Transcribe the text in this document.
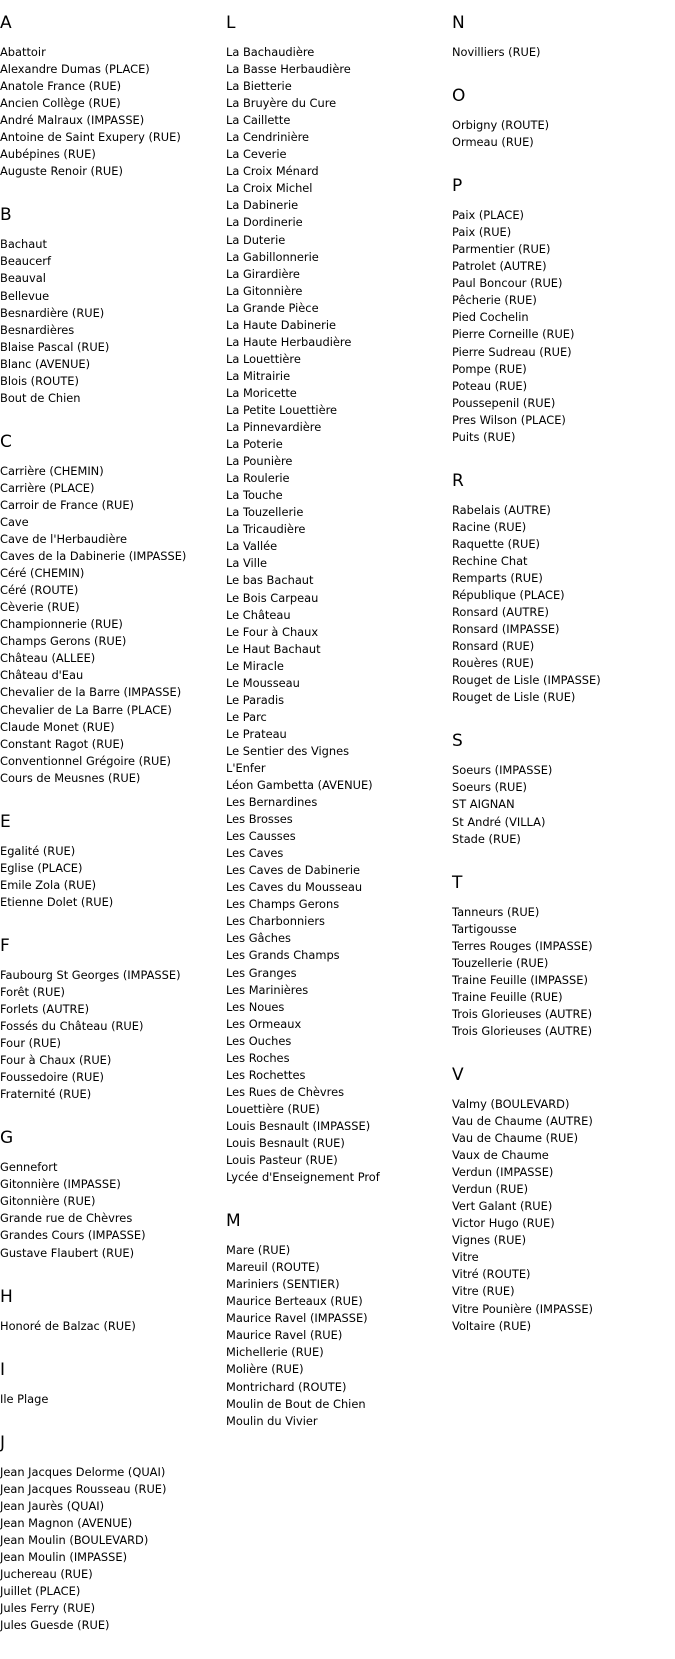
A
Abattoir
Alexandre Dumas (PLACE)
Anatole France (RUE)
Ancien Collège (RUE)
André Malraux (IMPASSE)
Antoine de Saint Exupery (RUE)
Aubépines (RUE)
Auguste Renoir (RUE)
B
Bachaut
Beaucerf
Beauval
Bellevue
Besnardière (RUE)
Besnardières
Blaise Pascal (RUE)
Blanc (AVENUE)
Blois (ROUTE)
Bout de Chien
C
Carrière (CHEMIN)
Carrière (PLACE)
Carroir de France (RUE)
Cave
Cave de l'Herbaudière
Caves de la Dabinerie (IMPASSE)
Céré (CHEMIN)
Céré (ROUTE)
Cèverie (RUE)
Championnerie (RUE)
Champs Gerons (RUE)
Château (ALLEE)
Château d'Eau
Chevalier de la Barre (IMPASSE)
Chevalier de La Barre (PLACE)
Claude Monet (RUE)
Constant Ragot (RUE)
Conventionnel Grégoire (RUE)
Cours de Meusnes (RUE)
E
Egalité (RUE)
Eglise (PLACE)
Emile Zola (RUE)
Etienne Dolet (RUE)
F
Faubourg St Georges (IMPASSE)
Forêt (RUE)
Forlets (AUTRE)
Fossés du Château (RUE)
Four (RUE)
Four à Chaux (RUE)
Foussedoire (RUE)
Fraternité (RUE)
G
Gennefort
Gitonnière (IMPASSE)
Gitonnière (RUE)
Grande rue de Chèvres
Grandes Cours (IMPASSE)
Gustave Flaubert (RUE)
H
Honoré de Balzac (RUE)
I
Ile Plage
J
Jean Jacques Delorme (QUAI)
Jean Jacques Rousseau (RUE)
Jean Jaurès (QUAI)
Jean Magnon (AVENUE)
Jean Moulin (BOULEVARD)
Jean Moulin (IMPASSE)
Juchereau (RUE)
Juillet (PLACE)
Jules Ferry (RUE)
Jules Guesde (RUE)
L
La Bachaudière
La Basse Herbaudière
La Bietterie
La Bruyère du Cure
La Caillette
La Cendrinière
La Ceverie
La Croix Ménard
La Croix Michel
La Dabinerie
La Dordinerie
La Duterie
La Gabillonnerie
La Girardière
La Gitonnière
La Grande Pièce
La Haute Dabinerie
La Haute Herbaudière
La Louettière
La Mitrairie
La Moricette
La Petite Louettière
La Pinnevardière
La Poterie
La Pounière
La Roulerie
La Touche
La Touzellerie
La Tricaudière
La Vallée
La Ville
Le bas Bachaut
Le Bois Carpeau
Le Château
Le Four à Chaux
Le Haut Bachaut
Le Miracle
Le Mousseau
Le Paradis
Le Parc
Le Prateau
Le Sentier des Vignes
L'Enfer
Léon Gambetta (AVENUE)
Les Bernardines
Les Brosses
Les Causses
Les Caves
Les Caves de Dabinerie
Les Caves du Mousseau
Les Champs Gerons
Les Charbonniers
Les Gâches
Les Grands Champs
Les Granges
Les Marinières
Les Noues
Les Ormeaux
Les Ouches
Les Roches
Les Rochettes
Les Rues de Chèvres
Louettière (RUE)
Louis Besnault (IMPASSE)
Louis Besnault (RUE)
Louis Pasteur (RUE)
Lycée d'Enseignement Prof
M
Mare (RUE)
Mareuil (ROUTE)
Mariniers (SENTIER)
Maurice Berteaux (RUE)
Maurice Ravel (IMPASSE)
Maurice Ravel (RUE)
Michellerie (RUE)
Molière (RUE)
Montrichard (ROUTE)
Moulin de Bout de Chien
Moulin du Vivier
N
Novilliers (RUE)
O
Orbigny (ROUTE)
Ormeau (RUE)
P
Paix (PLACE)
Paix (RUE)
Parmentier (RUE)
Patrolet (AUTRE)
Paul Boncour (RUE)
Pêcherie (RUE)
Pied Cochelin
Pierre Corneille (RUE)
Pierre Sudreau (RUE)
Pompe (RUE)
Poteau (RUE)
Poussepenil (RUE)
Pres Wilson (PLACE)
Puits (RUE)
R
Rabelais (AUTRE)
Racine (RUE)
Raquette (RUE)
Rechine Chat
Remparts (RUE)
République (PLACE)
Ronsard (AUTRE)
Ronsard (IMPASSE)
Ronsard (RUE)
Rouères (RUE)
Rouget de Lisle (IMPASSE)
Rouget de Lisle (RUE)
S
Soeurs (IMPASSE)
Soeurs (RUE)
ST AIGNAN
St André (VILLA)
Stade (RUE)
T
Tanneurs (RUE)
Tartigousse
Terres Rouges (IMPASSE)
Touzellerie (RUE)
Traine Feuille (IMPASSE)
Traine Feuille (RUE)
Trois Glorieuses (AUTRE)
Trois Glorieuses (AUTRE)
V
Valmy (BOULEVARD)
Vau de Chaume (AUTRE)
Vau de Chaume (RUE)
Vaux de Chaume
Verdun (IMPASSE)
Verdun (RUE)
Vert Galant (RUE)
Victor Hugo (RUE)
Vignes (RUE)
Vitre
Vitré (ROUTE)
Vitre (RUE)
Vitre Pounière (IMPASSE)
Voltaire (RUE)
